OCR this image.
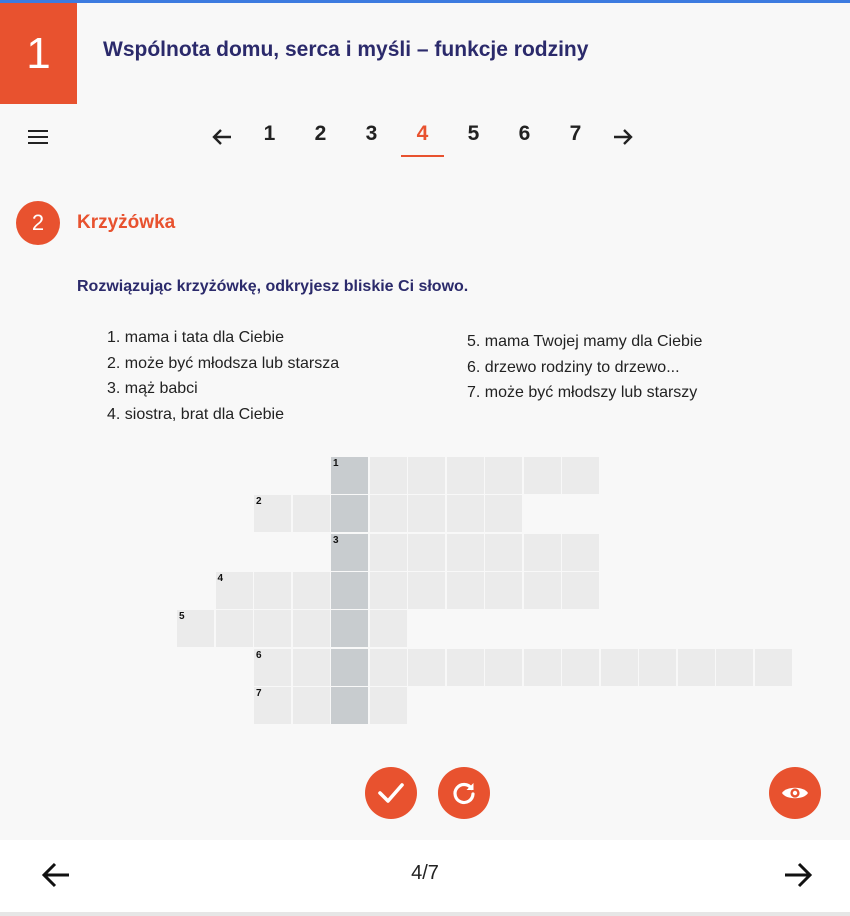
1	Wspólnota domu, serca i myśli – funkcje rodziny
1	2	3	4	5	6	7
2	Krzyżówka
Rozwiązując krzyżówkę, odkryjesz bliskie Ci słowo.
1. mama i tata dla Ciebie
2. może być młodsza lub starsza
3. mąż babci
4. siostra, brat dla Ciebie
5. mama Twojej mamy dla Ciebie
6. drzewo rodziny to drzewo...
7. może być młodszy lub starszy
1
2
3
4
5
6
7
4/7
